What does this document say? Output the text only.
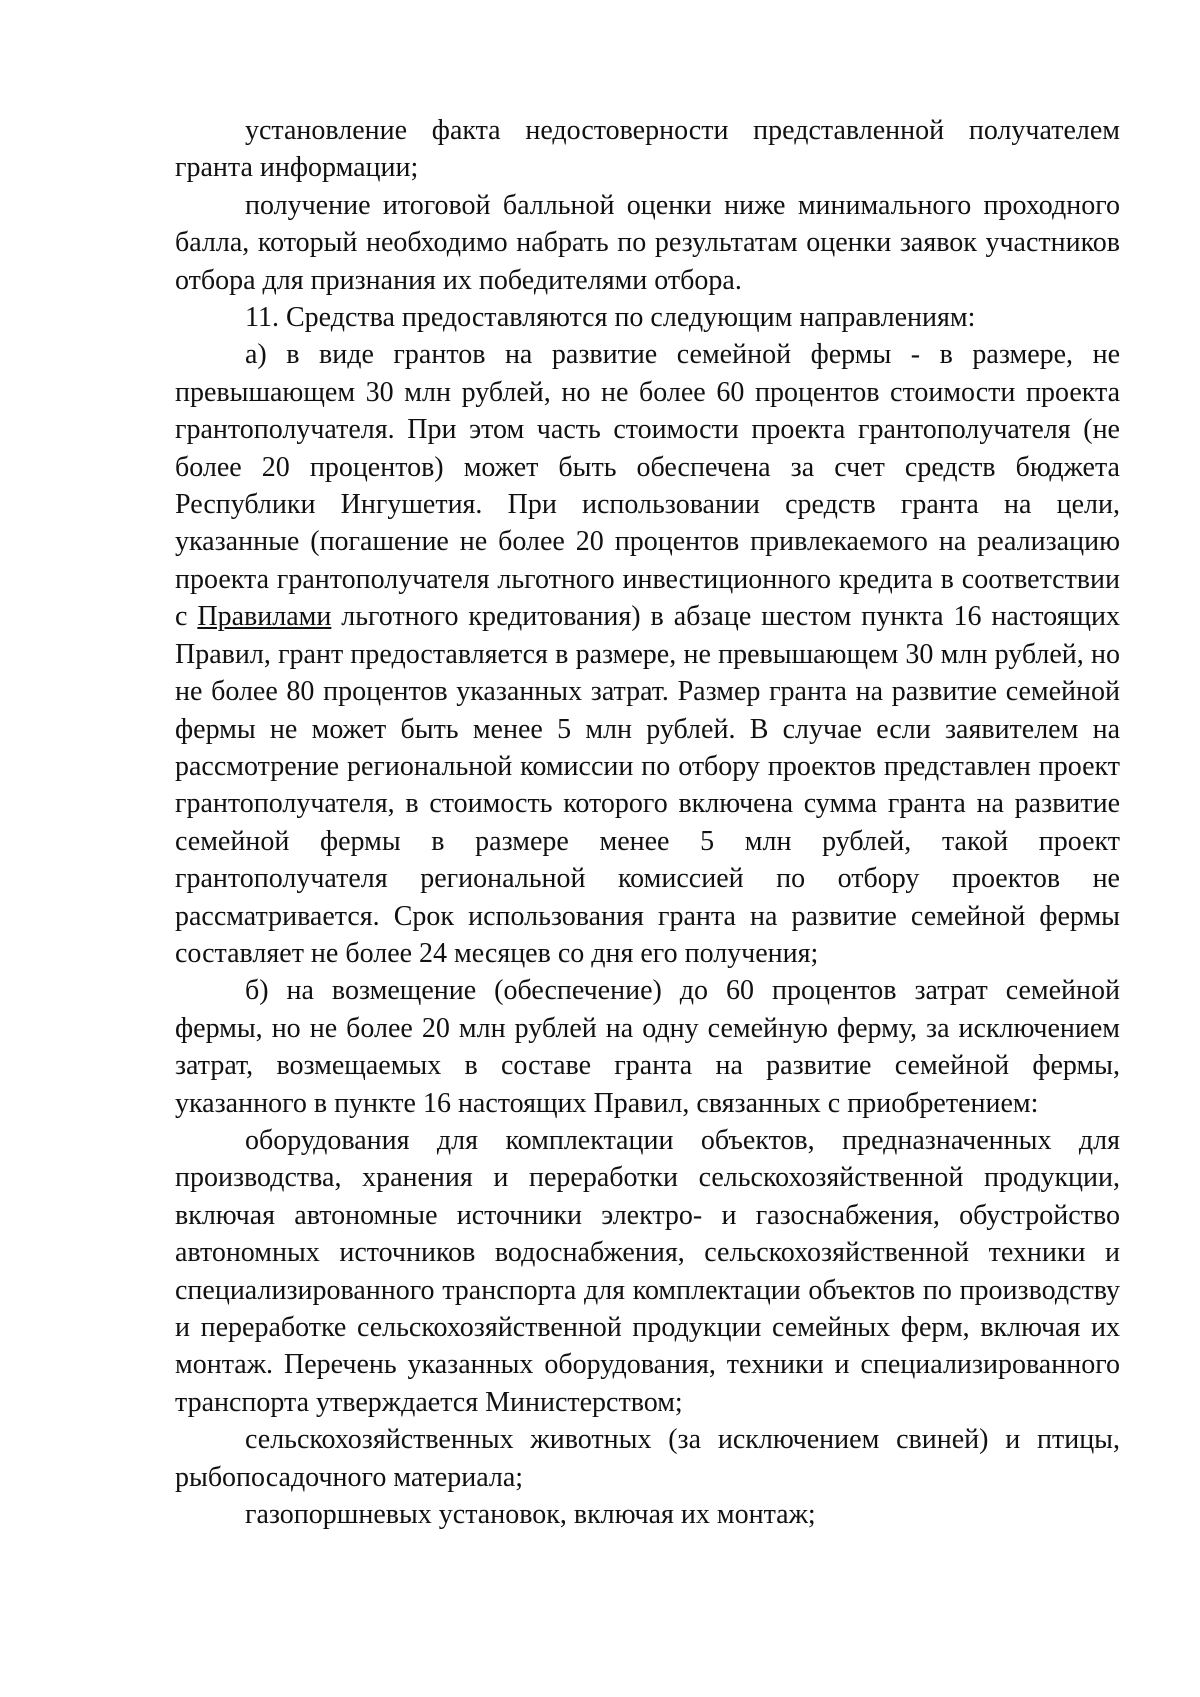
установление факта недостоверности представленной получателем гранта информации;

получение итоговой балльной оценки ниже минимального проходного балла, который необходимо набрать по результатам оценки заявок участников отбора для признания их победителями отбора.

11. Средства предоставляются по следующим направлениям:

а) в виде грантов на развитие семейной фермы - в размере, не превышающем 30 млн рублей, но не более 60 процентов стоимости проекта грантополучателя. При этом часть стоимости проекта грантополучателя (не более 20 процентов) может быть обеспечена за счет средств бюджета Республики Ингушетия. При использовании средств гранта на цели, указанные (погашение не более 20 процентов привлекаемого на реализацию проекта грантополучателя льготного инвестиционного кредита в соответствии с Правилами льготного кредитования) в абзаце шестом пункта 16 настоящих Правил, грант предоставляется в размере, не превышающем 30 млн рублей, но не более 80 процентов указанных затрат. Размер гранта на развитие семейной фермы не может быть менее 5 млн рублей. В случае если заявителем на рассмотрение региональной комиссии по отбору проектов представлен проект грантополучателя, в стоимость которого включена сумма гранта на развитие семейной фермы в размере менее 5 млн рублей, такой проект грантополучателя региональной комиссией по отбору проектов не рассматривается. Срок использования гранта на развитие семейной фермы составляет не более 24 месяцев со дня его получения;

б) на возмещение (обеспечение) до 60 процентов затрат семейной фермы, но не более 20 млн рублей на одну семейную ферму, за исключением затрат, возмещаемых в составе гранта на развитие семейной фермы, указанного в пункте 16 настоящих Правил, связанных с приобретением:

оборудования для комплектации объектов, предназначенных для производства, хранения и переработки сельскохозяйственной продукции, включая автономные источники электро- и газоснабжения, обустройство автономных источников водоснабжения, сельскохозяйственной техники и специализированного транспорта для комплектации объектов по производству и переработке сельскохозяйственной продукции семейных ферм, включая их монтаж. Перечень указанных оборудования, техники и специализированного транспорта утверждается Министерством;

сельскохозяйственных животных (за исключением свиней) и птицы, рыбопосадочного материала;

газопоршневых установок, включая их монтаж;
